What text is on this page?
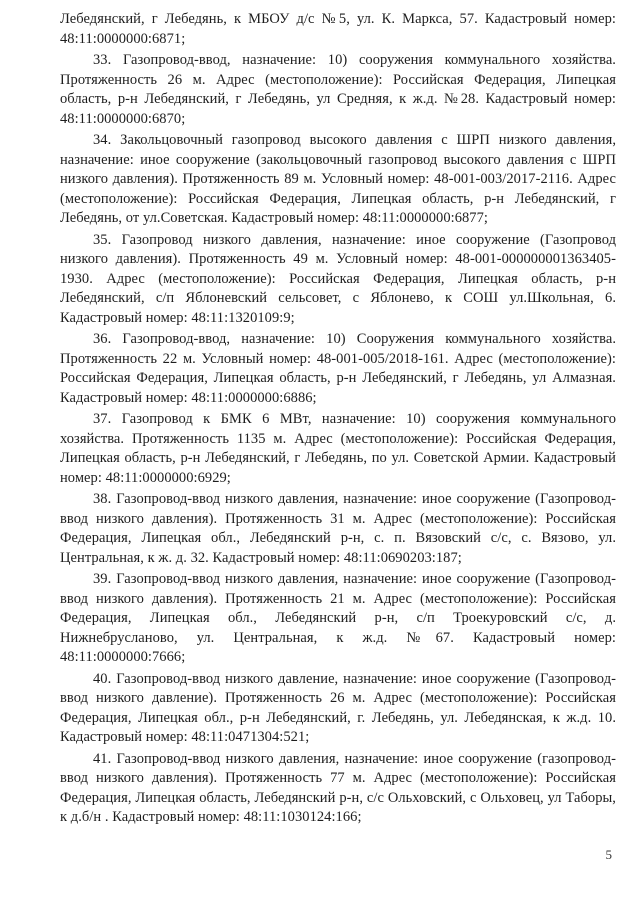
Лебедянский, г Лебедянь, к МБОУ д/с №5, ул. К. Маркса, 57. Кадастровый номер: 48:11:0000000:6871;

33. Газопровод-ввод, назначение: 10) сооружения коммунального хозяйства. Протяженность 26 м. Адрес (местоположение): Российская Федерация, Липецкая область, р-н Лебедянский, г Лебедянь, ул Средняя, к ж.д. №28. Кадастровый номер: 48:11:0000000:6870;

34. Закольцовочный газопровод высокого давления с ШРП низкого давления, назначение: иное сооружение (закольцовочный газопровод высокого давления с ШРП низкого давления). Протяженность 89 м. Условный номер: 48-001-003/2017-2116. Адрес (местоположение): Российская Федерация, Липецкая область, р-н Лебедянский, г Лебедянь, от ул.Советская. Кадастровый номер: 48:11:0000000:6877;

35. Газопровод низкого давления, назначение: иное сооружение (Газопровод низкого давления). Протяженность 49 м. Условный номер: 48-001-000000001363405-1930. Адрес (местоположение): Российская Федерация, Липецкая область, р-н Лебедянский, с/п Яблоневский сельсовет, с Яблонево, к СОШ ул.Школьная, 6. Кадастровый номер: 48:11:1320109:9;

36. Газопровод-ввод, назначение: 10) Сооружения коммунального хозяйства. Протяженность 22 м. Условный номер: 48-001-005/2018-161. Адрес (местоположение): Российская Федерация, Липецкая область, р-н Лебедянский, г Лебедянь, ул Алмазная. Кадастровый номер: 48:11:0000000:6886;

37. Газопровод к БМК 6 МВт, назначение: 10) сооружения коммунального хозяйства. Протяженность 1135 м. Адрес (местоположение): Российская Федерация, Липецкая область, р-н Лебедянский, г Лебедянь, по ул. Советской Армии. Кадастровый номер: 48:11:0000000:6929;

38. Газопровод-ввод низкого давления, назначение: иное сооружение (Газопровод-ввод низкого давления). Протяженность 31 м. Адрес (местоположение): Российская Федерация, Липецкая обл., Лебедянский р-н, с. п. Вязовский с/с, с. Вязово, ул. Центральная, к ж. д. 32. Кадастровый номер: 48:11:0690203:187;

39. Газопровод-ввод низкого давления, назначение: иное сооружение (Газопровод-ввод низкого давления). Протяженность 21 м. Адрес (местоположение): Российская Федерация, Липецкая обл., Лебедянский р-н, с/п Троекуровский с/с, д. Нижнебрусланово, ул. Центральная, к ж.д. №67. Кадастровый номер: 48:11:0000000:7666;

40. Газопровод-ввод низкого давление, назначение: иное сооружение (Газопровод-ввод низкого давление). Протяженность 26 м. Адрес (местоположение): Российская Федерация, Липецкая обл., р-н Лебедянский, г. Лебедянь, ул. Лебедянская, к ж.д. 10. Кадастровый номер: 48:11:0471304:521;

41. Газопровод-ввод низкого давления, назначение: иное сооружение (газопровод-ввод низкого давления). Протяженность 77 м. Адрес (местоположение): Российская Федерация, Липецкая область, Лебедянский р-н, с/с Ольховский, с Ольховец, ул Таборы, к д.б/н . Кадастровый номер: 48:11:1030124:166;

5
